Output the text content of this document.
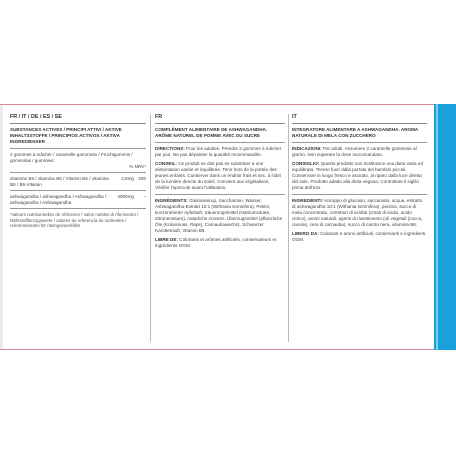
FR / IT / DE / ES / SE
SUBSTANCES ACTIVES / PRINCIPI ATTIVI / AKTIVE INHALTSSTOFFE / PRINCIPIOS ACTIVOS / AKTIVA INGREDIENSER
2 gommes à mâcher / caramelle gommose / Fruchtgummis / gominolas / gummies:
% NRV*
vitamine B6 / vitamina B6 / Vitamin B6 / vitamina B6 / B6-Vitamin
2,8mg 200
ashwagandha / ashwagandha / Ashwagandha / ashwagandha / Ashwagandha
3000mg	–
*valeurs nutritionnelles de référence / valori nutritivi di riferimento / Nährstoffbezugswerte / valores de referencia de nutrientes / referensvärden för näringsinnehållet
FR
COMPLÉMENT ALIMENTAIRE DE ASHWAGANDHA. ARÔME NATUREL DE POMME AVEC DU SUCRE
DIRECTIONS: Pour les adultes. Prendre 2 gommes à mâcher par jour. Ne pas dépasser la quantité recommandée.
CONSEIL: Ce produit ne doit pas se substituer à une alimentation variée et équilibrée. Tenir hors de la portée des jeunes enfants. Conserver dans un endroit frais et sec, à l'abri de la lumière directe du soleil. Convient aux végétaliens. Vérifier l'opercule avant l'utilisation.
INGRÉDIENTS: Glukosesirup, Saccharose, Wasser, Ashwagandha-Extrakt 10:1 (Withania somnifera), Pektin, konzentrierter Apfelsaft, Säuerungsmittel (Natriumcitrate, Zitronensäure), natürliche Aromen, Überzugsmittel (pflanzliche Öle (Kokosnuss, Raps), Carnaubawachs), Schwarzer Karottensaft, Vitamin B6.
LIBRE DE: Colorants et arômes artificiels, conservateurs et ingrédients OGM.
IT
INTEGRATORE ALIMENTARE A ASHWAGANDHA. AROMA NATURALE DI MELA CON ZUCCHERO
INDICAZIONI: Per adulti. Assumere 2 caramelle gommose al giorno. Non superare la dose raccomandata.
CONSIGLIO: Questo prodotto non sostituisce una dieta varia ed equilibrata. Tenere fuori dalla portata dei bambini piccoli. Conservare in luogo fresco e asciutto, al riparo dalla luce diretta del sole. Prodotto adatto alla dieta vegana. Controllare il sigillo prima dell'uso.
INGREDIENTI: sciroppo di glucosio, saccarosio, acqua, estratto di ashwagandha 10:1 (Withania somnifera), pectina, succo di mela concentrato, correttori di acidità (citrati di sodio, acido citrico), aromi naturali, agenti di rivestimento (oli vegetali (cocco, canola), cera di carnauba), succo di carota nera, vitamina B6.
LIBERO DA: Coloranti e aromi artificiali, conservanti e ingredienti OGM.
